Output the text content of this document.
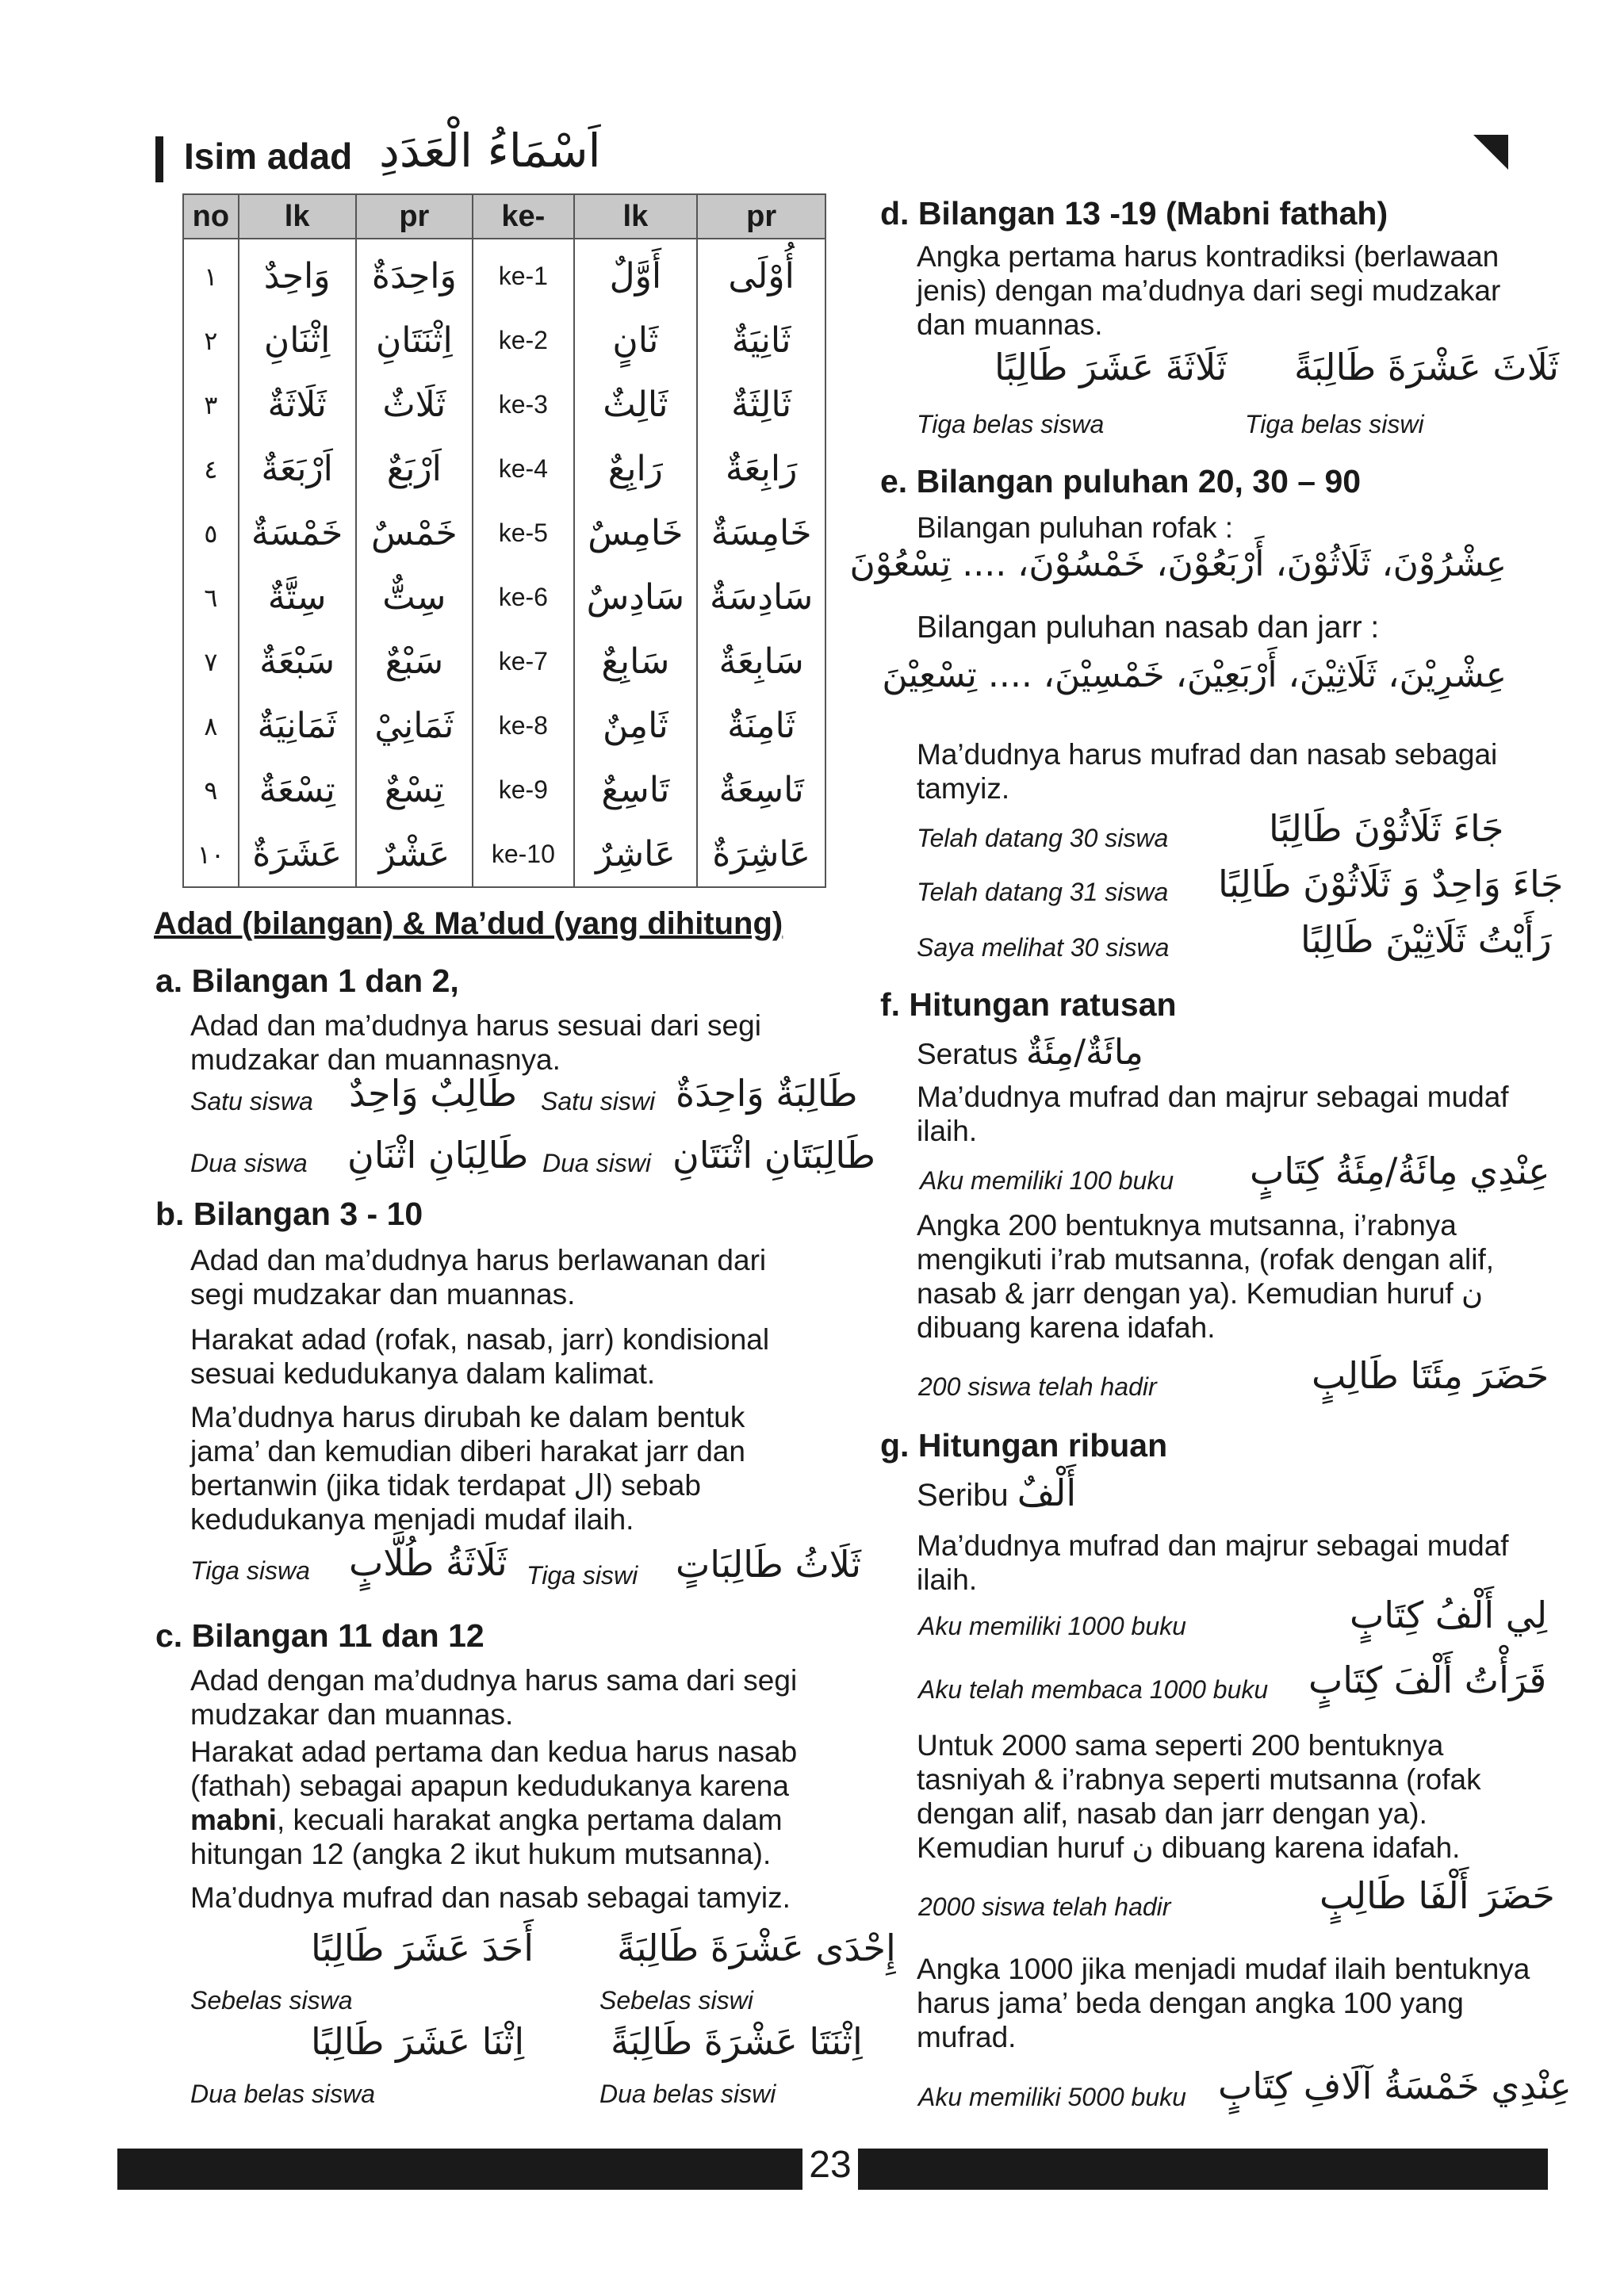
Isim adad اَسْمَاءُ الْعَدَدِ
no	lk	pr	ke-	lk	pr
١	وَاحِدٌ	وَاحِدَةٌ	ke-1	أَوَّلٌ	أُوْلَى
٢	اِثْنَانِ	اِثْنَتَانِ	ke-2	ثَانٍ	ثَانِيَةٌ
٣	ثَلَاثَةٌ	ثَلَاثٌ	ke-3	ثَالِثٌ	ثَالِثَةٌ
٤	اَرْبَعَةٌ	اَرْبَعٌ	ke-4	رَابِعٌ	رَابِعَةٌ
٥	خَمْسَةٌ	خَمْسٌ	ke-5	خَامِسٌ	خَامِسَةٌ
٦	سِتَّةٌ	سِتٌّ	ke-6	سَادِسٌ	سَادِسَةٌ
٧	سَبْعَةٌ	سَبْعٌ	ke-7	سَابِعٌ	سَابِعَةٌ
٨	ثَمَانِيَةٌ	ثَمَانِيْ	ke-8	ثَامِنٌ	ثَامِنَةٌ
٩	تِسْعَةٌ	تِسْعٌ	ke-9	تَاسِعٌ	تَاسِعَةٌ
١٠	عَشَرَةٌ	عَشْرٌ	ke-10	عَاشِرٌ	عَاشِرَةٌ
Adad (bilangan) & Ma’dud (yang dihitung)
a. Bilangan 1 dan 2,
Adad dan ma’dudnya harus sesuai dari segi mudzakar dan muannasnya.
Satu siswa طَالِبٌ وَاحِدٌ Satu siswi طَالِبَةٌ وَاحِدَةٌ
Dua siswa طَالِبَانِ اثْنَانِ Dua siswi طَالِبَتَانِ اثْنَتَانِ
b. Bilangan 3 - 10
Adad dan ma’dudnya harus berlawanan dari segi mudzakar dan muannas.
Harakat adad (rofak, nasab, jarr) kondisional sesuai kedudukanya dalam kalimat.
Ma’dudnya harus dirubah ke dalam bentuk jama’ dan kemudian diberi harakat jarr dan bertanwin (jika tidak terdapat ال) sebab kedudukanya menjadi mudaf ilaih.
Tiga siswa ثَلَاثَةُ طُلَّابٍ Tiga siswi ثَلَاثُ طَالِبَاتٍ
c. Bilangan 11 dan 12
Adad dengan ma’dudnya harus sama dari segi mudzakar dan muannas.
Harakat adad pertama dan kedua harus nasab (fathah) sebagai apapun kedudukanya karena mabni, kecuali harakat angka pertama dalam hitungan 12 (angka 2 ikut hukum mutsanna).
Ma’dudnya mufrad dan nasab sebagai tamyiz.
أَحَدَ عَشَرَ طَالِبًا إِحْدَى عَشْرَةَ طَالِبَةً
Sebelas siswa	Sebelas siswi
اِثْنَا عَشَرَ طَالِبًا اِثْنَتَا عَشْرَةَ طَالِبَةً
Dua belas siswa	Dua belas siswi
d. Bilangan 13 -19 (Mabni fathah)
Angka pertama harus kontradiksi (berlawaan jenis) dengan ma’dudnya dari segi mudzakar dan muannas.
ثَلَاثَةَ عَشَرَ طَالِبًا ثَلَاثَ عَشْرَةَ طَالِبَةً
Tiga belas siswa	Tiga belas siswi
e. Bilangan puluhan 20, 30 – 90
Bilangan puluhan rofak :
عِشْرُوْنَ، ثَلَاثُوْنَ، أَرْبَعُوْنَ، خَمْسُوْنَ، .... تِسْعُوْنَ
Bilangan puluhan nasab dan jarr :
عِشْرِيْنَ، ثَلَاثِيْنَ، أَرْبَعِيْنَ، خَمْسِيْنَ، .... تِسْعِيْنَ
Ma’dudnya harus mufrad dan nasab sebagai tamyiz.
Telah datang 30 siswa	جَاءَ ثَلَاثُوْنَ طَالِبًا
Telah datang 31 siswa جَاءَ وَاحِدٌ وَ ثَلَاثُوْنَ طَالِبًا
Saya melihat 30 siswa	رَأَيْتُ ثَلَاثِيْنَ طَالِبًا
f. Hitungan ratusan
Seratus مِائَةٌ/مِئَةٌ
Ma’dudnya mufrad dan majrur sebagai mudaf ilaih.
Aku memiliki 100 buku عِنْدِي مِائَةُ/مِئَةُ كِتَابٍ
Angka 200 bentuknya mutsanna, i’rabnya mengikuti i’rab mutsanna, (rofak dengan alif, nasab & jarr dengan ya). Kemudian huruf ن dibuang karena idafah.
200 siswa telah hadir	حَضَرَ مِئَتَا طَالِبٍ
g. Hitungan ribuan
Seribu أَلْفٌ
Ma’dudnya mufrad dan majrur sebagai mudaf ilaih.
Aku memiliki 1000 buku	لِي أَلْفُ كِتَابٍ
Aku telah membaca 1000 buku قَرَأْتُ أَلْفَ كِتَابٍ
Untuk 2000 sama seperti 200 bentuknya tasniyah & i’rabnya seperti mutsanna (rofak dengan alif, nasab dan jarr dengan ya). Kemudian huruf ن dibuang karena idafah.
2000 siswa telah hadir	حَضَرَ أَلْفَا طَالِبٍ
Angka 1000 jika menjadi mudaf ilaih bentuknya harus jama’ beda dengan angka 100 yang mufrad.
Aku memiliki 5000 buku عِنْدِي خَمْسَةُ آلَافِ كِتَابٍ
23
